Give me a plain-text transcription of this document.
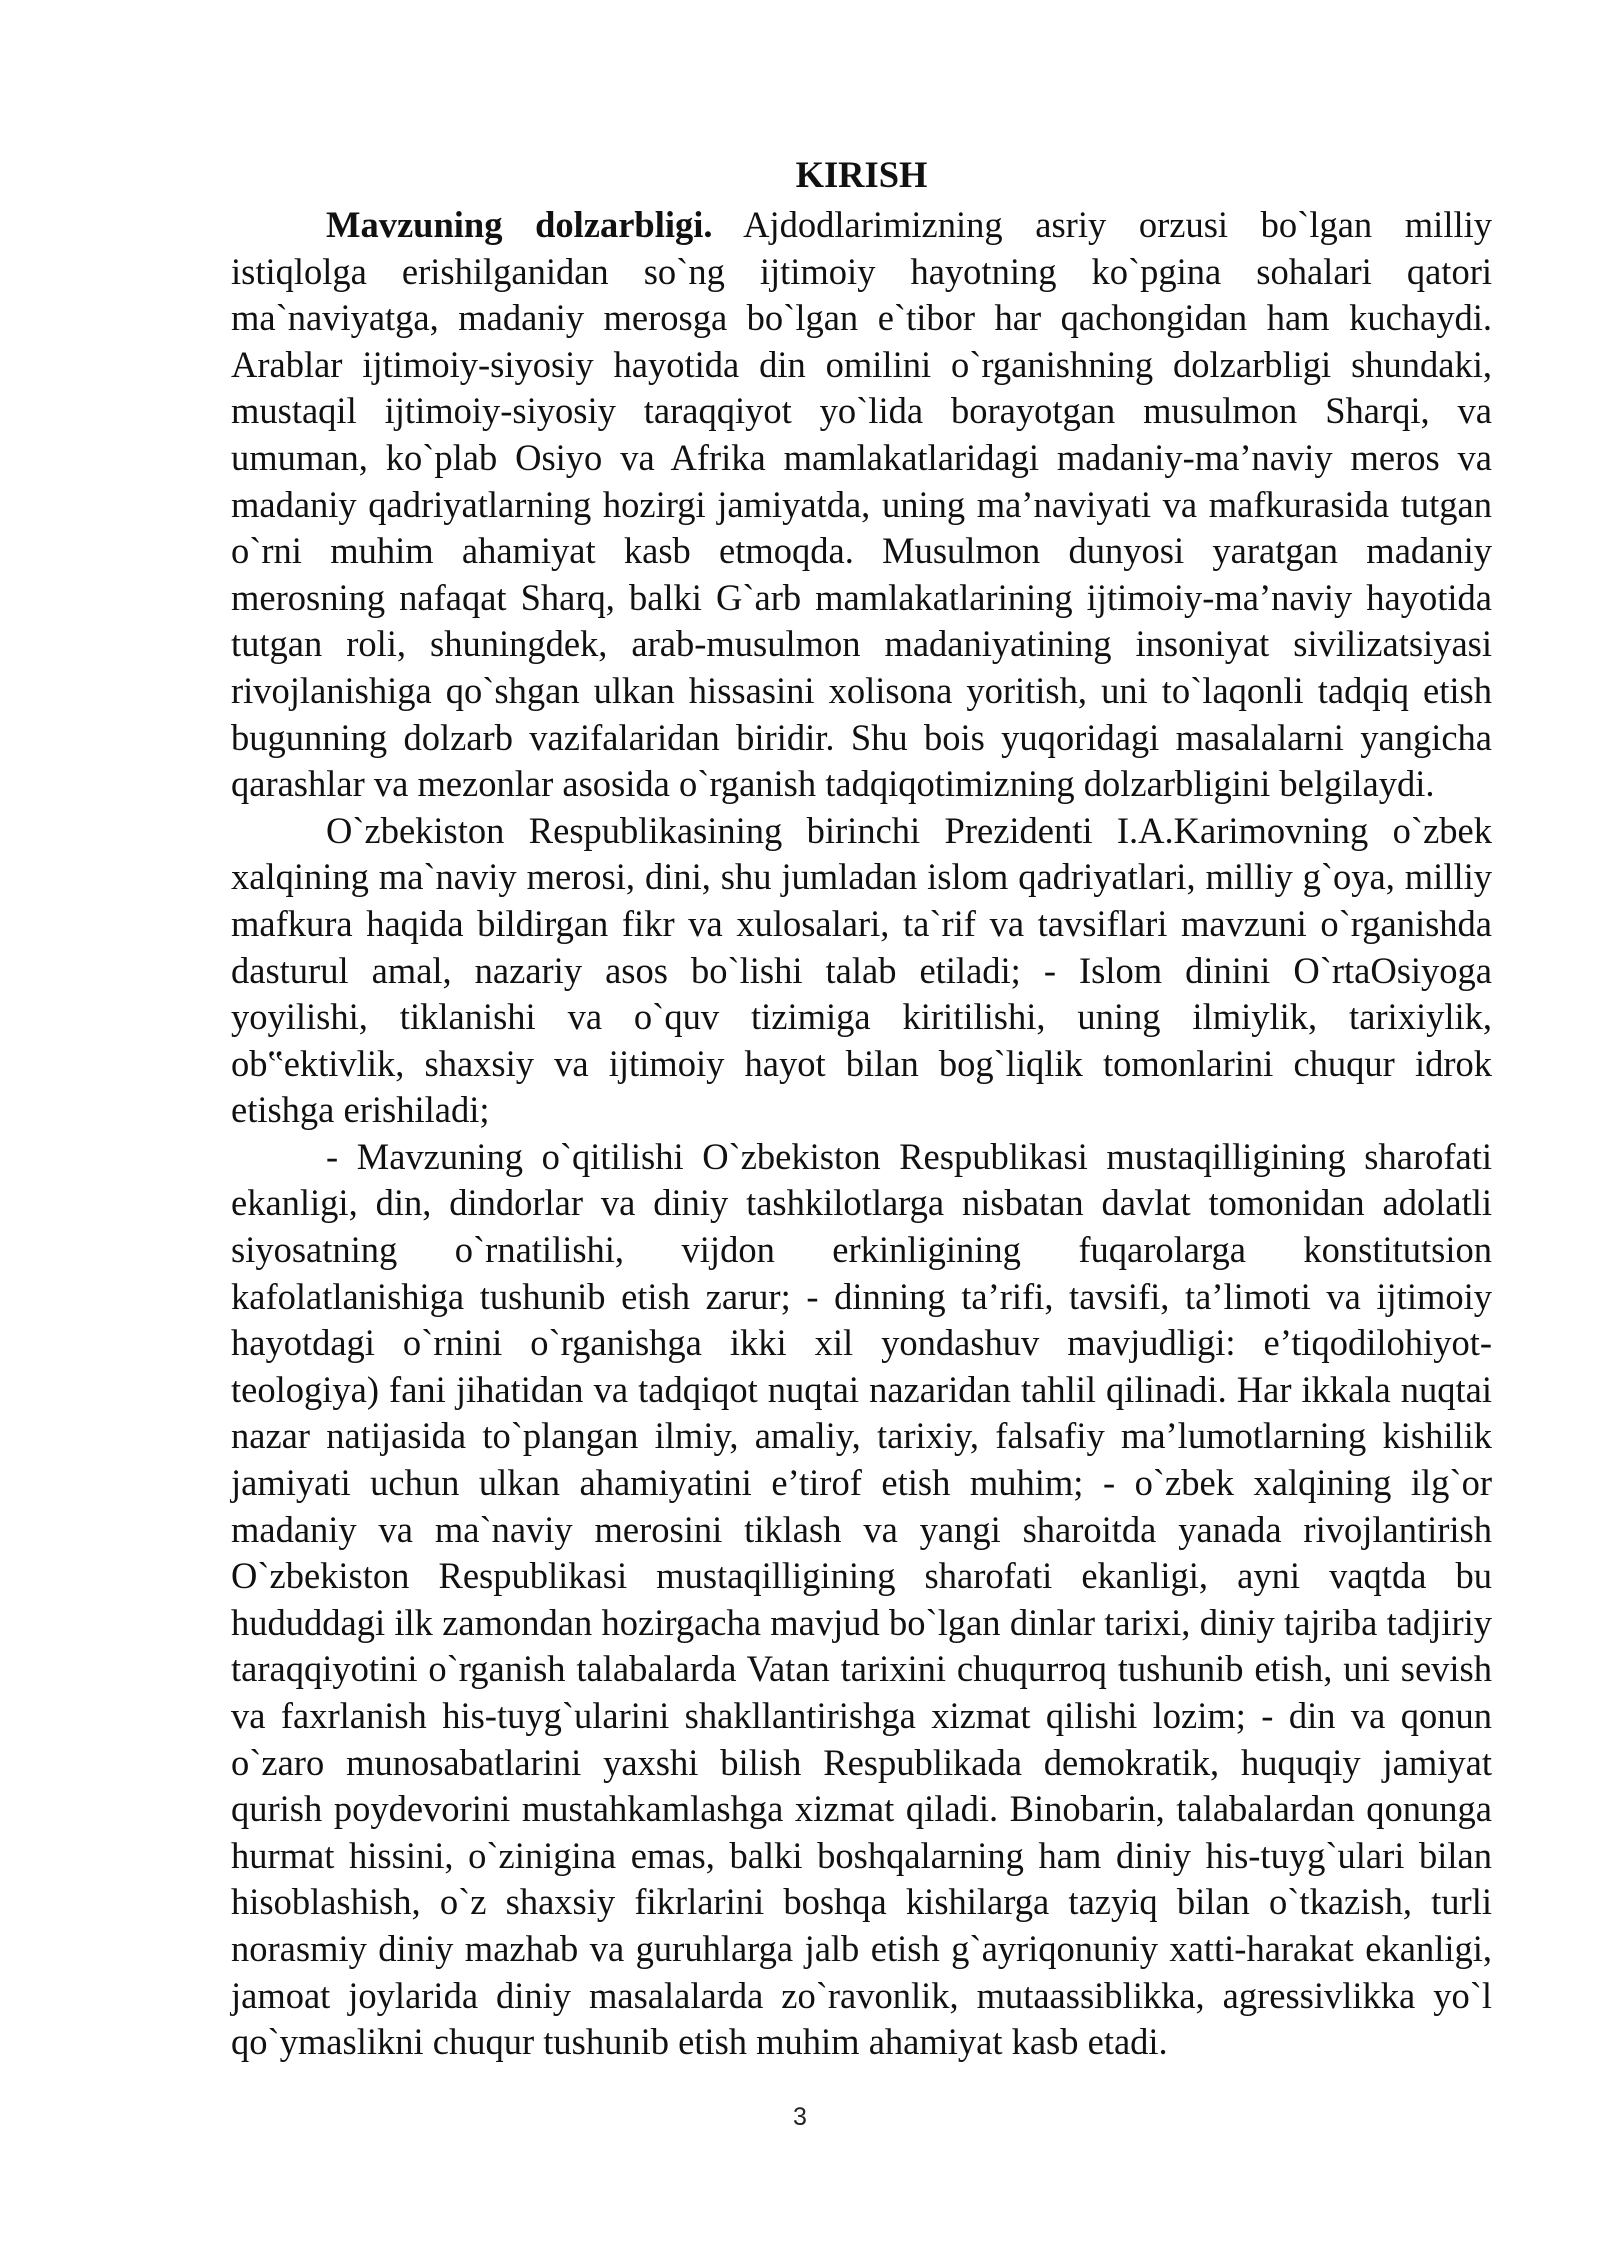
KIRISH

Mavzuning dolzarbligi. Ajdodlarimizning asriy orzusi bo`lgan milliy istiqlolga erishilganidan so`ng ijtimoiy hayotning ko`pgina sohalari qatori ma`naviyatga, madaniy merosga bo`lgan e`tibor har qachongidan ham kuchaydi. Arablar ijtimoiy-siyosiy hayotida din omilini o`rganishning dolzarbligi shundaki, mustaqil ijtimoiy-siyosiy taraqqiyot yo`lida borayotgan musulmon Sharqi, va umuman, ko`plab Osiyo va Afrika mamlakatlaridagi madaniy-ma’naviy meros va madaniy qadriyatlarning hozirgi jamiyatda, uning ma’naviyati va mafkurasida tutgan o`rni muhim ahamiyat kasb etmoqda. Musulmon dunyosi yaratgan madaniy merosning nafaqat Sharq, balki G`arb mamlakatlarining ijtimoiy-ma’naviy hayotida tutgan roli, shuningdek, arab-musulmon madaniyatining insoniyat sivilizatsiyasi rivojlanishiga qo`shgan ulkan hissasini xolisona yoritish, uni to`laqonli tadqiq etish bugunning dolzarb vazifalaridan biridir. Shu bois yuqoridagi masalalarni yangicha qarashlar va mezonlar asosida o`rganish tadqiqotimizning dolzarbligini belgilaydi.

O`zbekiston Respublikasining birinchi Prezidenti I.A.Karimovning o`zbek xalqining ma`naviy merosi, dini, shu jumladan islom qadriyatlari, milliy g`oya, milliy mafkura haqida bildirgan fikr va xulosalari, ta`rif va tavsiflari mavzuni o`rganishda dasturul amal, nazariy asos bo`lishi talab etiladi; - Islom dinini O`rtaOsiyoga yoyilishi, tiklanishi va o`quv tizimiga kiritilishi, uning ilmiylik, tarixiylik, ob‟ektivlik, shaxsiy va ijtimoiy hayot bilan bog`liqlik tomonlarini chuqur idrok etishga erishiladi;

- Mavzuning o`qitilishi O`zbekiston Respublikasi mustaqilligining sharofati ekanligi, din, dindorlar va diniy tashkilotlarga nisbatan davlat tomonidan adolatli siyosatning o`rnatilishi, vijdon erkinligining fuqarolarga konstitutsion kafolatlanishiga tushunib etish zarur; - dinning ta’rifi, tavsifi, ta’limoti va ijtimoiy hayotdagi o`rnini o`rganishga ikki xil yondashuv mavjudligi: e’tiqodilohiyot-teologiya) fani jihatidan va tadqiqot nuqtai nazaridan tahlil qilinadi. Har ikkala nuqtai nazar natijasida to`plangan ilmiy, amaliy, tarixiy, falsafiy ma’lumotlarning kishilik jamiyati uchun ulkan ahamiyatini e’tirof etish muhim; - o`zbek xalqining ilg`or madaniy va ma`naviy merosini tiklash va yangi sharoitda yanada rivojlantirish O`zbekiston Respublikasi mustaqilligining sharofati ekanligi, ayni vaqtda bu hududdagi ilk zamondan hozirgacha mavjud bo`lgan dinlar tarixi, diniy tajriba tadjiriy taraqqiyotini o`rganish talabalarda Vatan tarixini chuqurroq tushunib etish, uni sevish va faxrlanish his-tuyg`ularini shakllantirishga xizmat qilishi lozim; - din va qonun o`zaro munosabatlarini yaxshi bilish Respublikada demokratik, huquqiy jamiyat qurish poydevorini mustahkamlashga xizmat qiladi. Binobarin, talabalardan qonunga hurmat hissini, o`zinigina emas, balki boshqalarning ham diniy his-tuyg`ulari bilan hisoblashish, o`z shaxsiy fikrlarini boshqa kishilarga tazyiq bilan o`tkazish, turli norasmiy diniy mazhab va guruhlarga jalb etish g`ayriqonuniy xatti-harakat ekanligi, jamoat joylarida diniy masalalarda zo`ravonlik, mutaassiblikka, agressivlikka yo`l qo`ymaslikni chuqur tushunib etish muhim ahamiyat kasb etadi.

3
